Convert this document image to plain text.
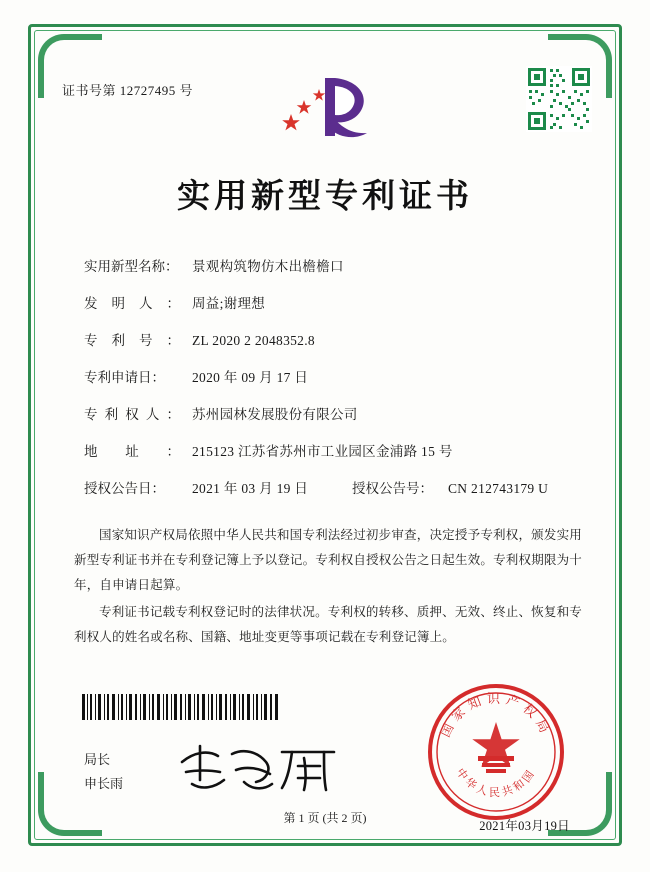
证书号第 12727495 号
实用新型专利证书
实用新型名称：	景观构筑物仿木出檐檐口
发 明 人 ： 周益;谢理想
专 利 号 ： ZL 2020 2 2048352.8
专利申请日：	2020 年 09 月 17 日
专 利 权 人 ： 苏州园林发展股份有限公司
地 址 ： 215123 江苏省苏州市工业园区金浦路 15 号
授权公告日：	2021 年 03 月 19 日	授权公告号：	CN 212743179 U

国家知识产权局依照中华人民共和国专利法经过初步审查，决定授予专利权，颁发实用新型专利证书并在专利登记簿上予以登记。专利权自授权公告之日起生效。专利权期限为十年，自申请日起算。

专利证书记载专利权登记时的法律状况。专利权的转移、质押、无效、终止、恢复和专利权人的姓名或名称、国籍、地址变更等事项记载在专利登记簿上。

局长
申长雨
国家知识产权局
中华人民共和国
2021年03月19日
第 1 页 (共 2 页)
